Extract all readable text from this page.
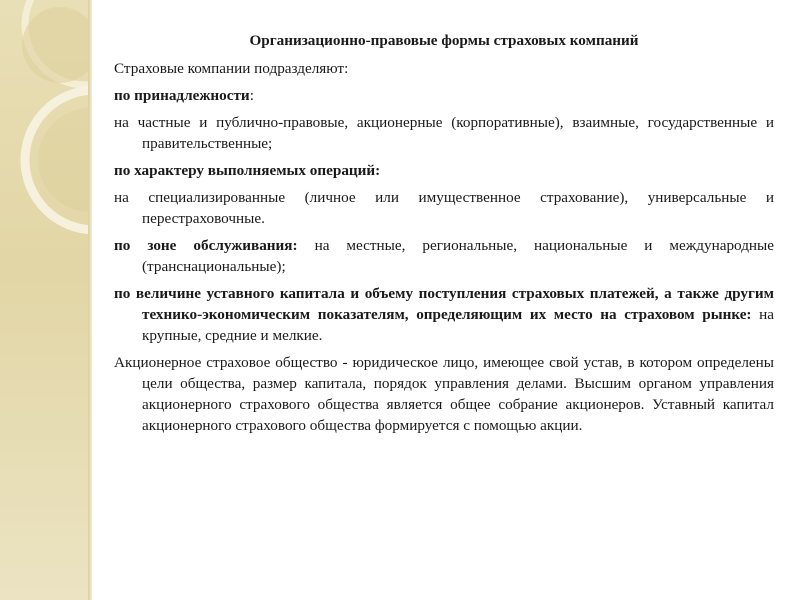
Организационно-правовые формы страховых компаний

Страховые компании подразделяют:

по принадлежности:

на частные и публично-правовые, акционерные (корпоративные), взаимные, государственные и правительственные;

по характеру выполняемых операций:

на специализированные (личное или имущественное страхование), универсальные и перестраховочные.

по зоне обслуживания: на местные, региональные, национальные и международные (транснациональные);

по величине уставного капитала и объему поступления страховых платежей, а также другим технико-экономическим показателям, определяющим их место на страховом рынке: на крупные, средние и мелкие.

Акционерное страховое общество - юридическое лицо, имеющее свой устав, в котором определены цели общества, размер капитала, порядок управления делами. Высшим органом управления акционерного страхового общества является общее собрание акционеров. Уставный капитал акционерного страхового общества формируется с помощью акции.
